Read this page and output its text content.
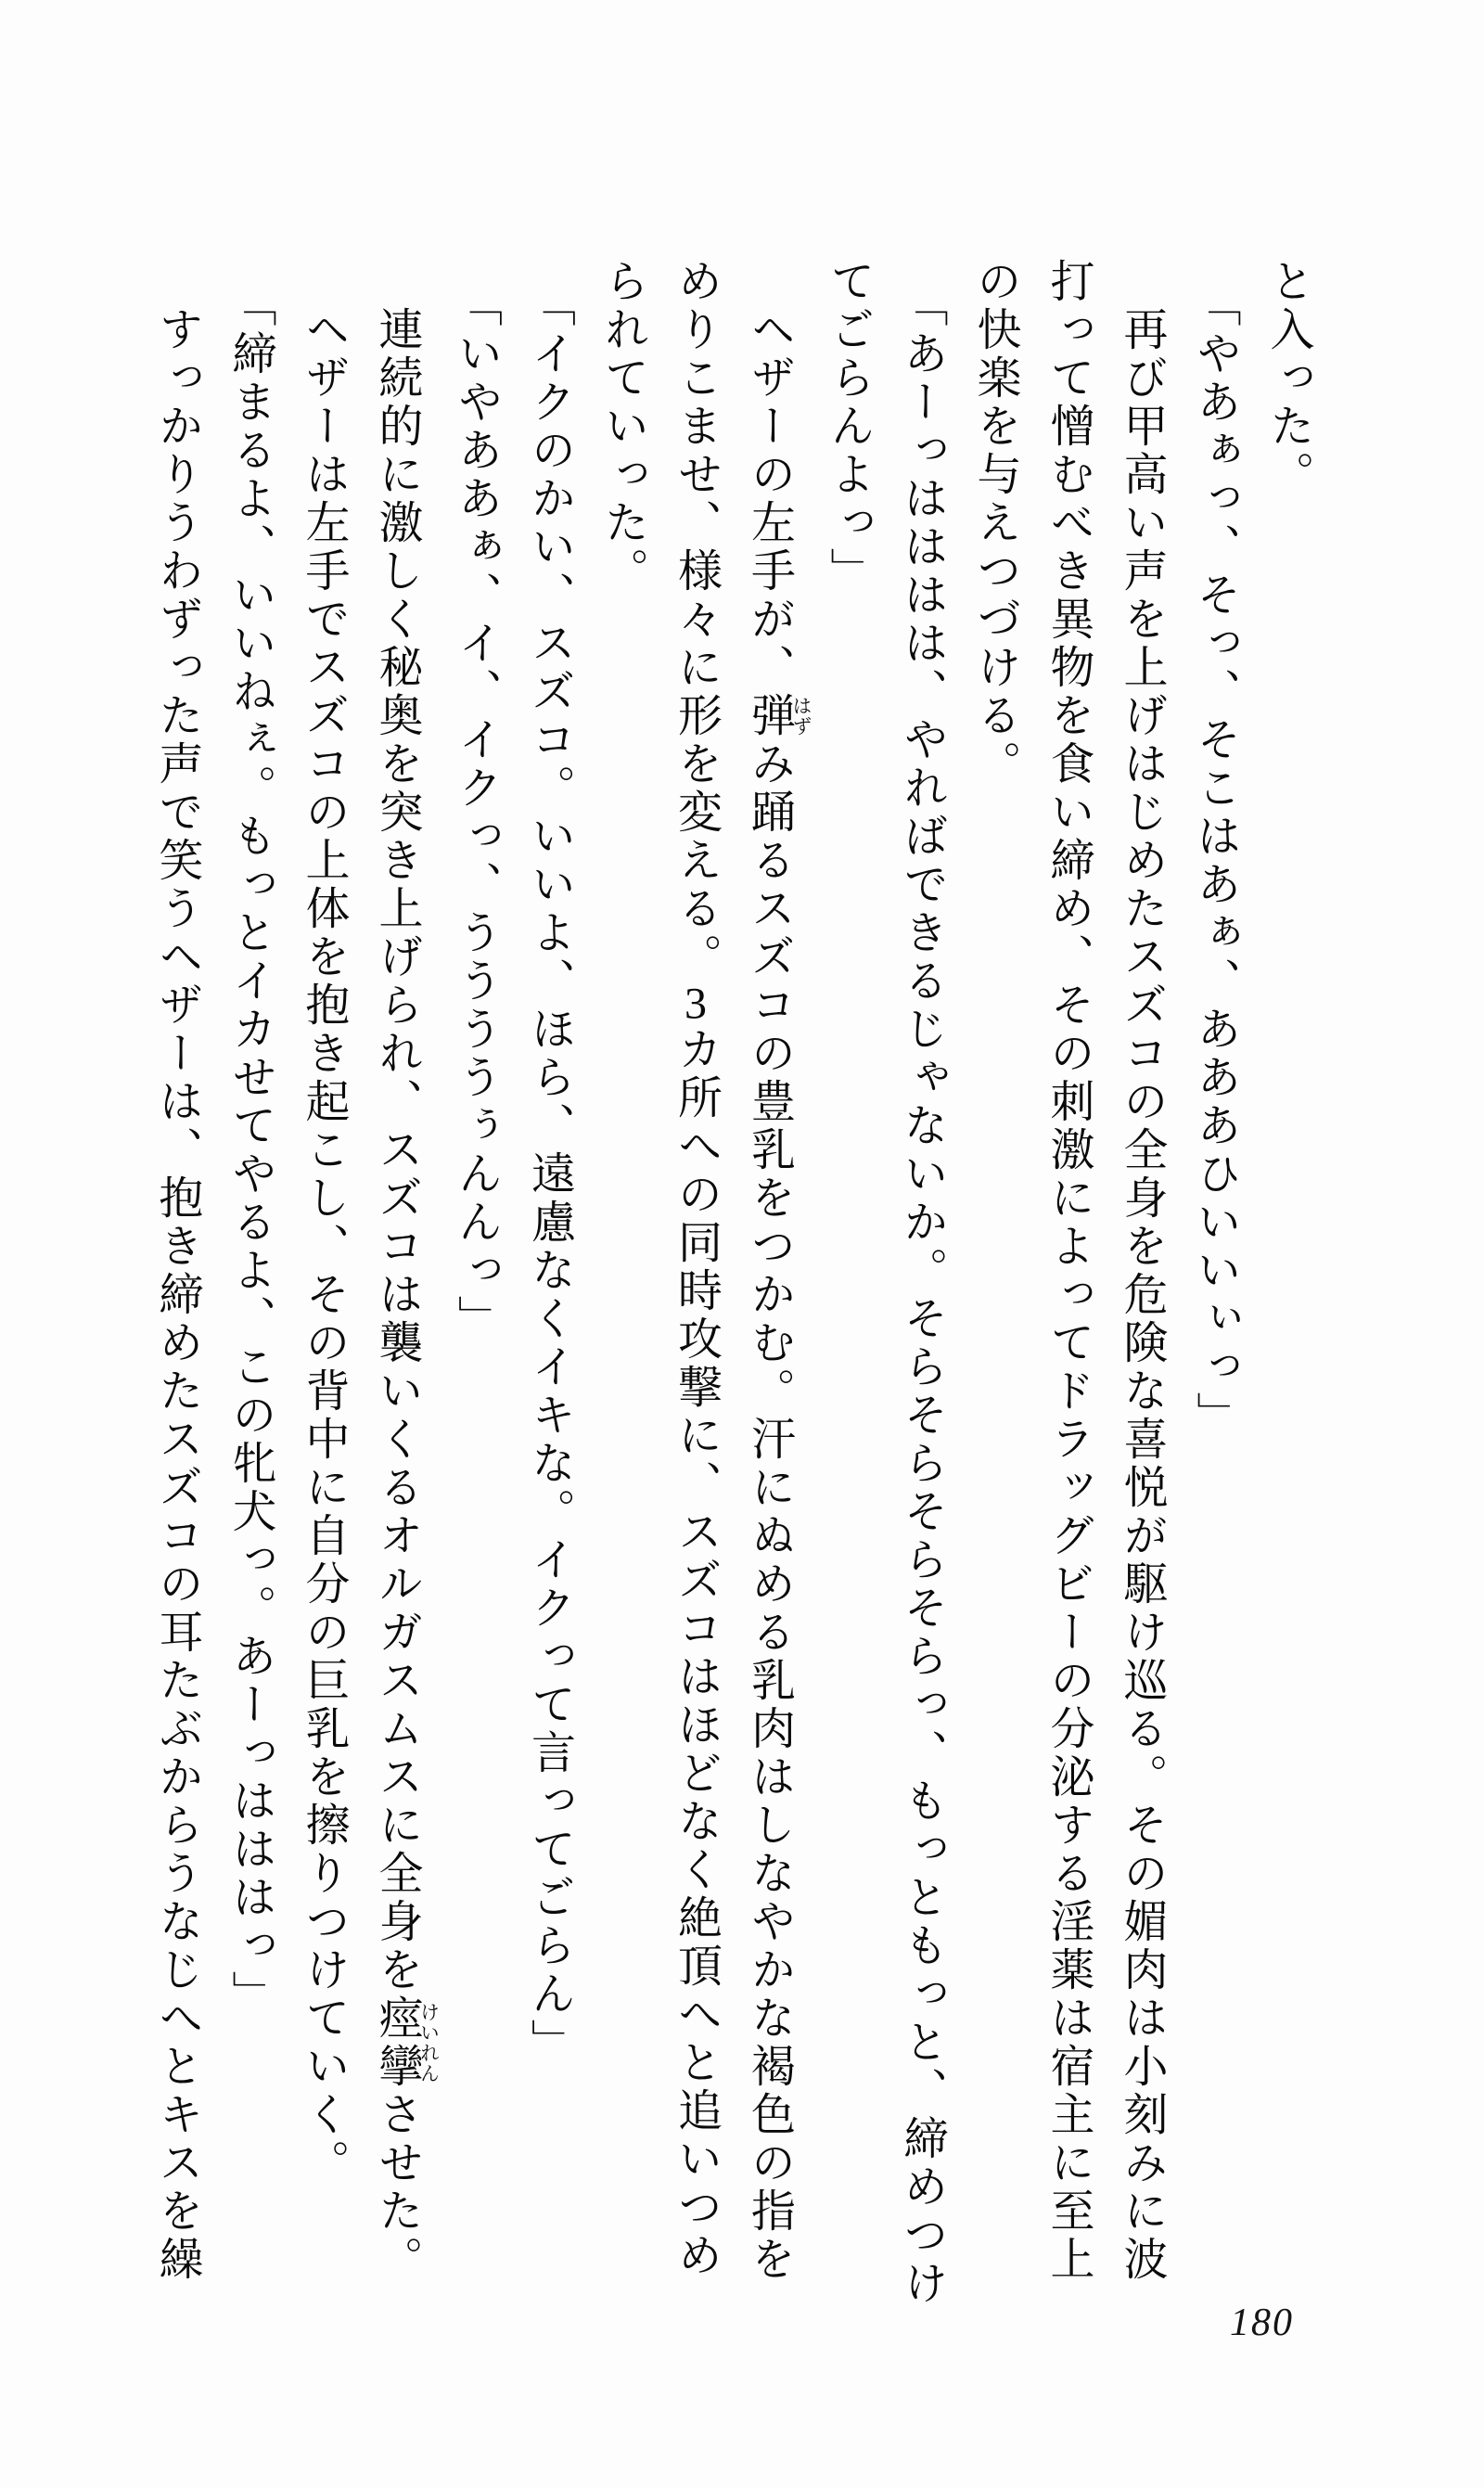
と入った。
「やあぁっ、そっ、そこはあぁ、あああひいいぃっ」
再び甲高い声を上げはじめたスズコの全身を危険な喜悦が駆け巡る。その媚肉は小刻みに波
打って憎むべき異物を食い締め、その刺激によってドラッグビーの分泌する淫薬は宿主に至上
の快楽を与えつづける。
「あーっはははは、やればできるじゃないか。そらそらそらそらっ、もっともっと、締めつけ
てごらんよっ」
ヘザーの左手が、弾はずみ踊るスズコの豊乳をつかむ。汗にぬめる乳肉はしなやかな褐色の指を
めりこませ、様々に形を変える。3カ所への同時攻撃に、スズコはほどなく絶頂へと追いつめ
られていった。
「イクのかい、スズコ。いいよ、ほら、遠慮なくイキな。イクって言ってごらん」
「いやああぁ、イ、イクっ、ううううぅんんっ」
連続的に激しく秘奥を突き上げられ、スズコは襲いくるオルガスムスに全身を痙攣けいれんさせた。
ヘザーは左手でスズコの上体を抱き起こし、その背中に自分の巨乳を擦りつけていく。
「締まるよ、いいねぇ。もっとイカせてやるよ、この牝犬っ。あーっはははっ」
すっかりうわずった声で笑うヘザーは、抱き締めたスズコの耳たぶからうなじへとキスを繰
180
